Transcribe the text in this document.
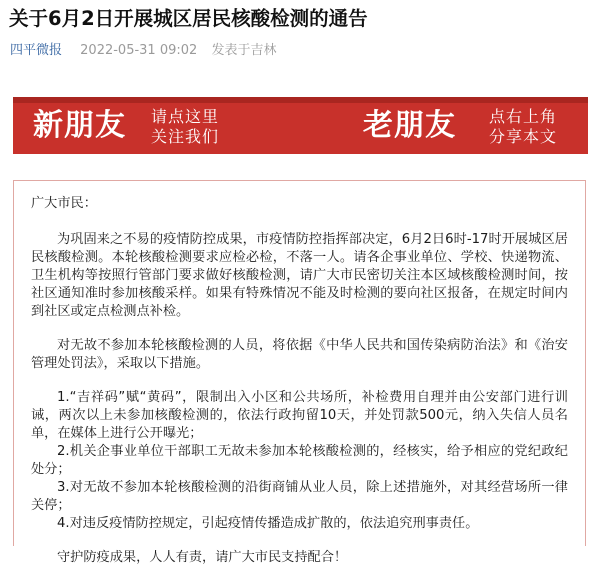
关于6月2日开展城区居民核酸检测的通告
四平微报 2022-05-31 09:02 发表于吉林
新朋友 请点这里
关注我们	老朋友 点右上角
分享本文

广大市民：

为巩固来之不易的疫情防控成果，市疫情防控指挥部决定，6月2日6时-17时开展城区居民核酸检测。本轮核酸检测要求应检必检，不落一人。请各企事业单位、学校、快递物流、卫生机构等按照行管部门要求做好核酸检测，请广大市民密切关注本区域核酸检测时间，按社区通知准时参加核酸采样。如果有特殊情况不能及时检测的要向社区报备，在规定时间内到社区或定点检测点补检。

对无故不参加本轮核酸检测的人员，将依据《中华人民共和国传染病防治法》和《治安管理处罚法》，采取以下措施。

1.“吉祥码”赋“黄码”，限制出入小区和公共场所，补检费用自理并由公安部门进行训诫，两次以上未参加核酸检测的，依法行政拘留10天，并处罚款500元，纳入失信人员名单，在媒体上进行公开曝光；

2.机关企事业单位干部职工无故未参加本轮核酸检测的，经核实，给予相应的党纪政纪处分；

3.对无故不参加本轮核酸检测的沿街商铺从业人员，除上述措施外，对其经营场所一律关停；

4.对违反疫情防控规定，引起疫情传播造成扩散的，依法追究刑事责任。

守护防疫成果，人人有责，请广大市民支持配合！
